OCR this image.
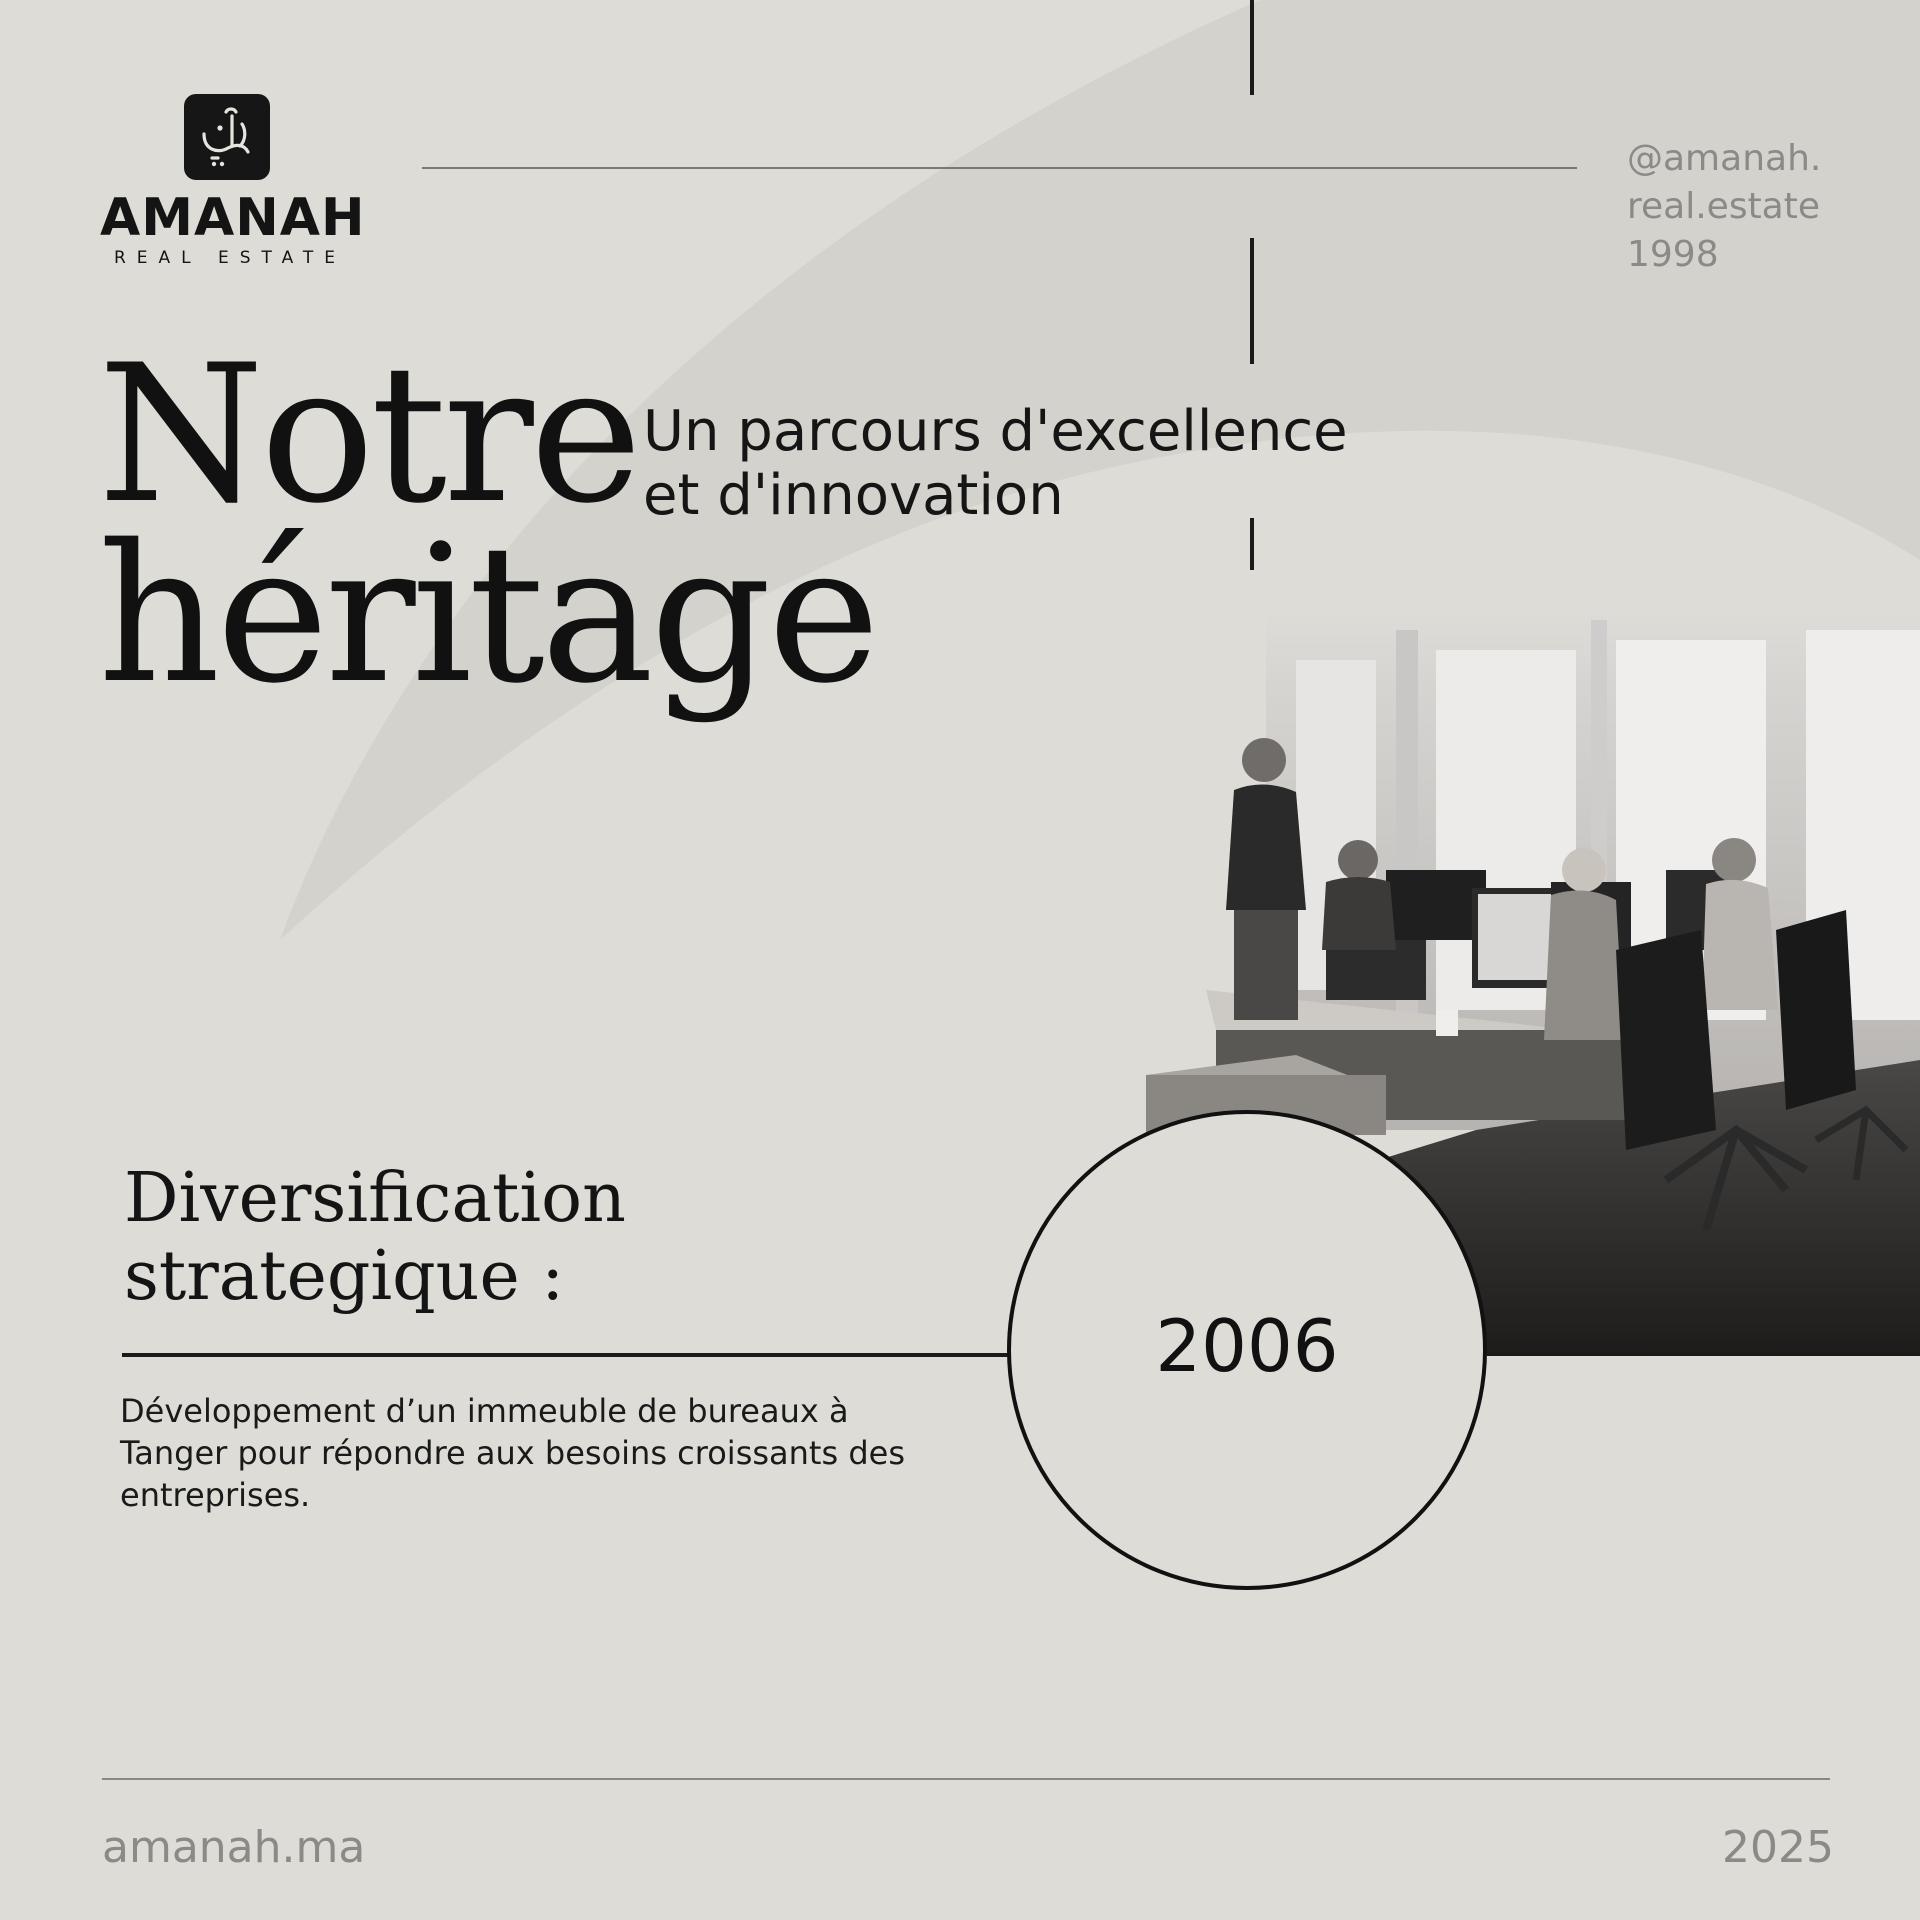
AMANAH
REAL ESTATE
@amanah.
real.estate
1998
Notre
héritage
Un parcours d'excellence
et d'innovation
Diversification
strategique :
Développement d’un immeuble de bureaux à Tanger pour répondre aux besoins croissants des entreprises.
2006
amanah.ma	2025
